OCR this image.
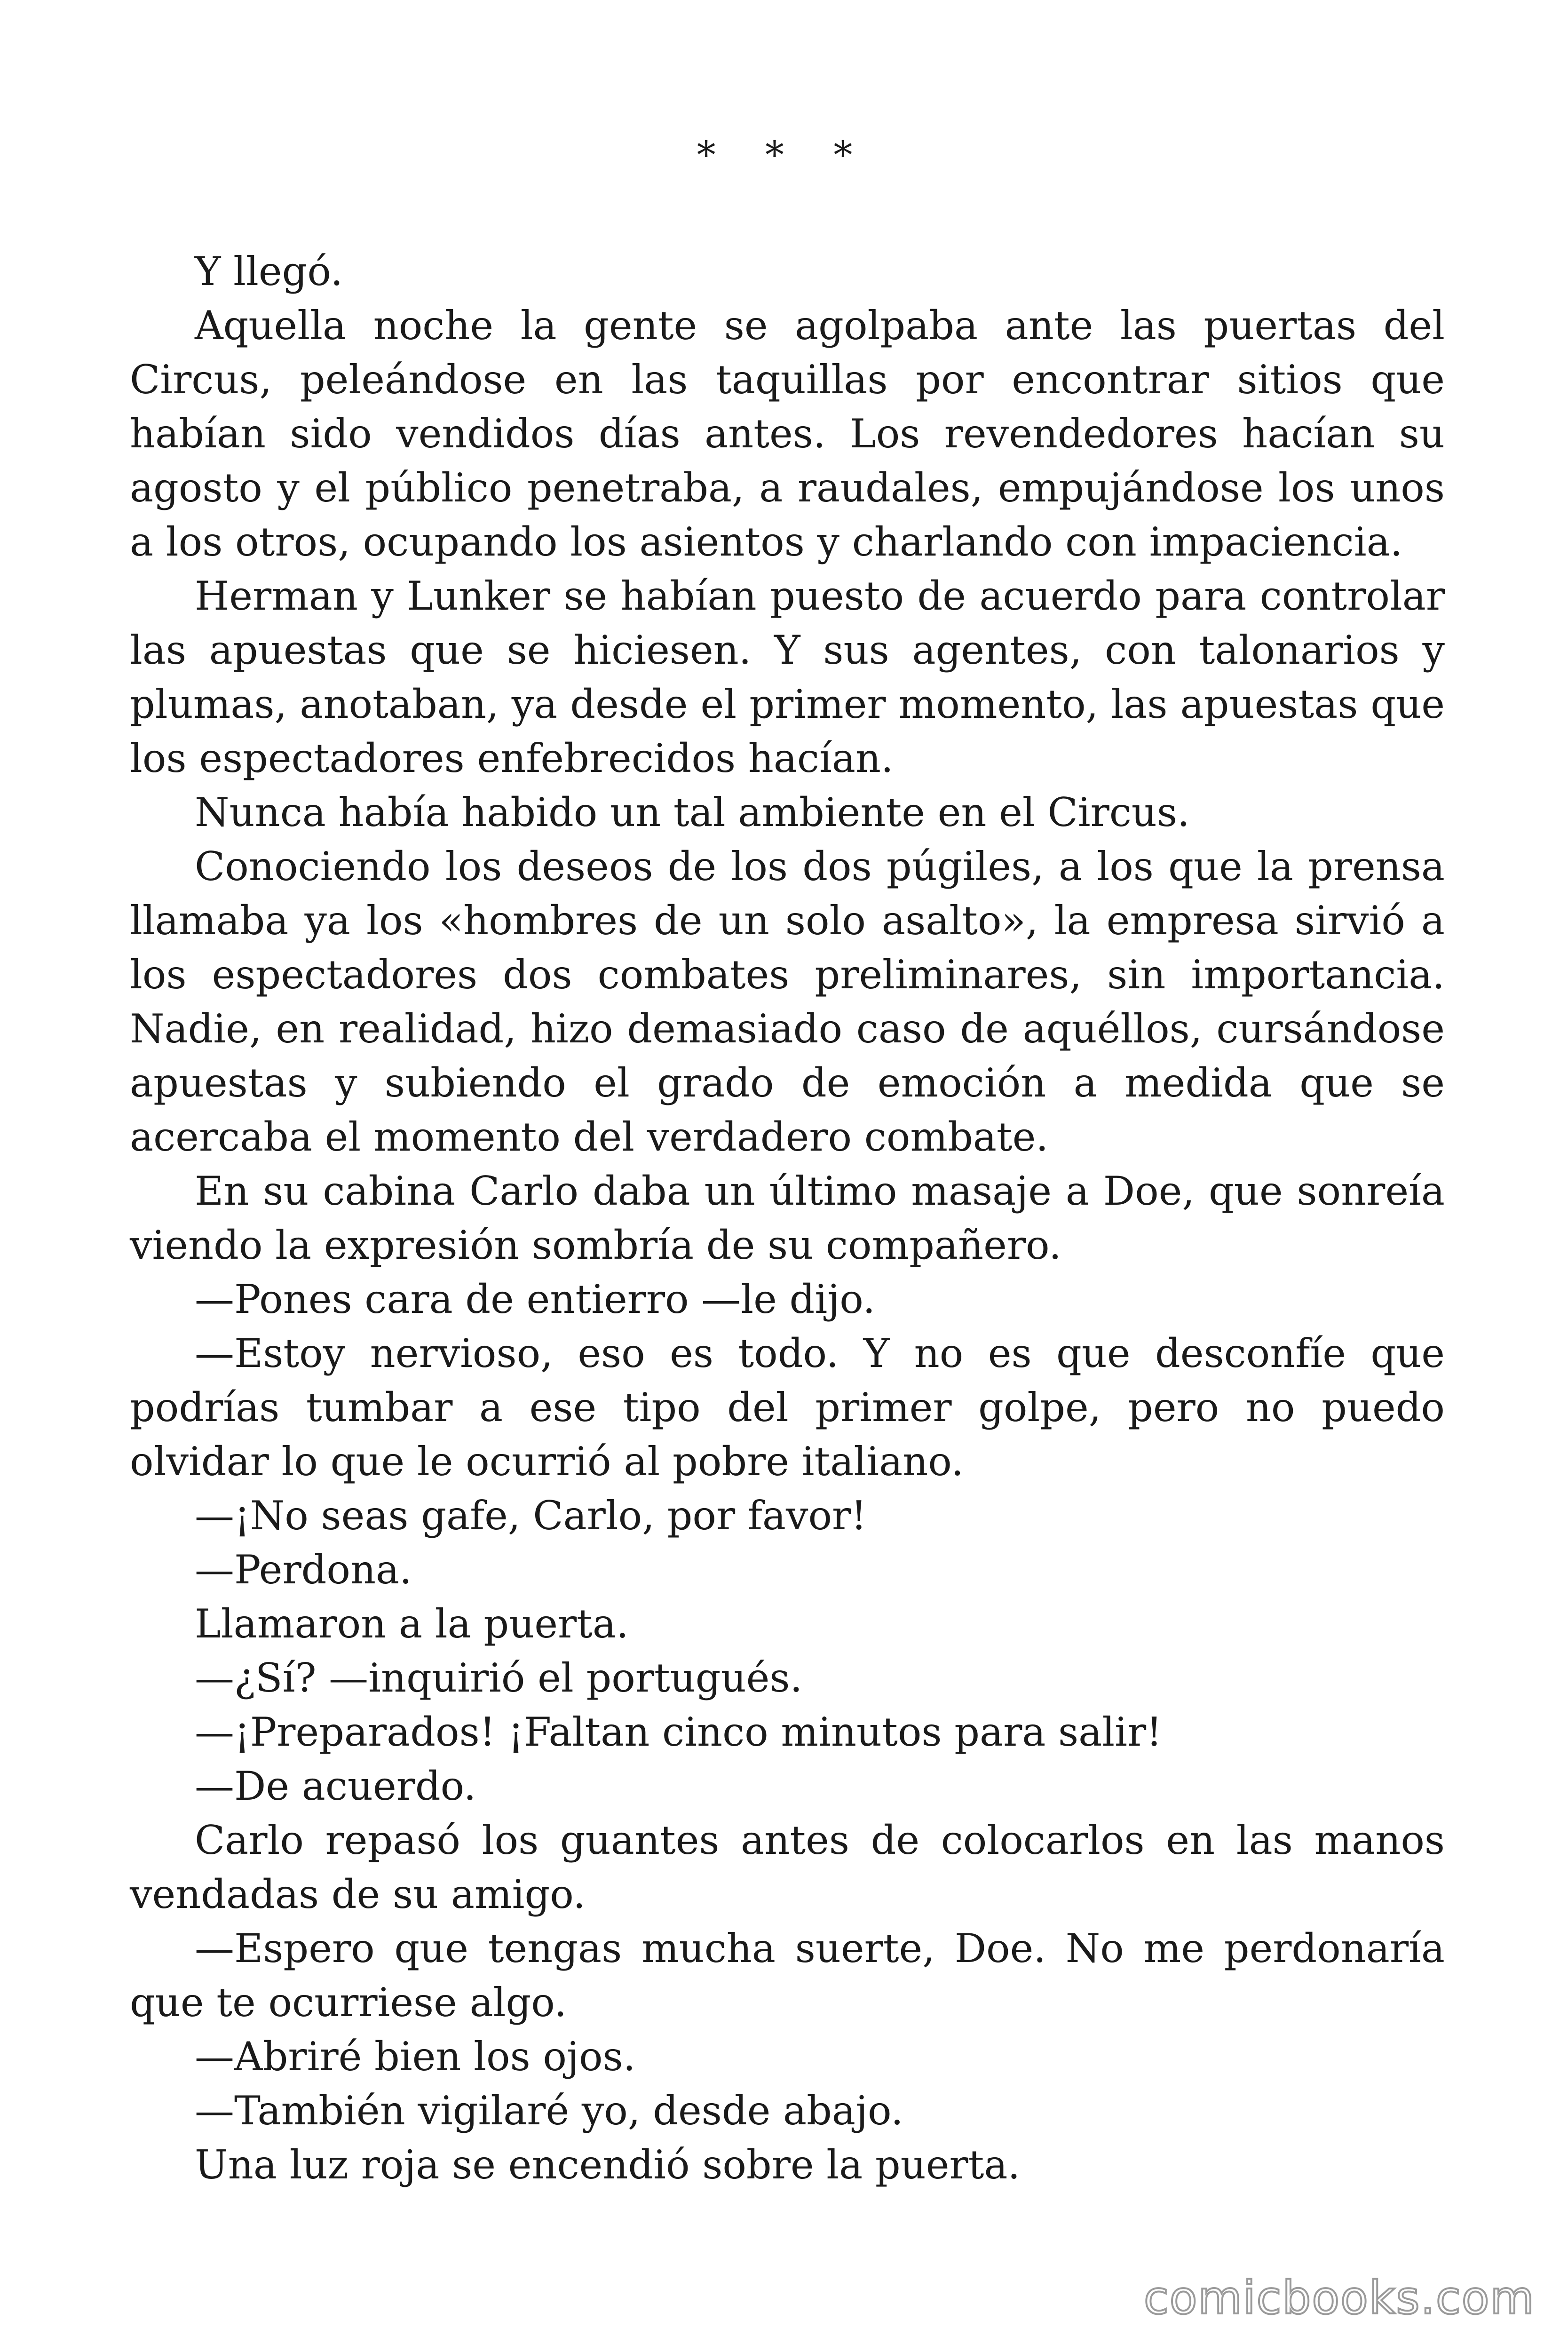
* * *

Y llegó.

Aquella noche la gente se agolpaba ante las puertas del Circus, peleándose en las taquillas por encontrar sitios que habían sido vendidos días antes. Los revendedores hacían su agosto y el público penetraba, a raudales, empujándose los unos a los otros, ocupando los asientos y charlando con impaciencia.

Herman y Lunker se habían puesto de acuerdo para controlar las apuestas que se hiciesen. Y sus agentes, con talonarios y plumas, anotaban, ya desde el primer momento, las apuestas que los espectadores enfebrecidos hacían.

Nunca había habido un tal ambiente en el Circus.

Conociendo los deseos de los dos púgiles, a los que la prensa llamaba ya los «hombres de un solo asalto», la empresa sirvió a los espectadores dos combates preliminares, sin importancia. Nadie, en realidad, hizo demasiado caso de aquéllos, cursándose apuestas y subiendo el grado de emoción a medida que se acercaba el momento del verdadero combate.

En su cabina Carlo daba un último masaje a Doe, que sonreía viendo la expresión sombría de su compañero.

—Pones cara de entierro —le dijo.

—Estoy nervioso, eso es todo. Y no es que desconfíe que podrías tumbar a ese tipo del primer golpe, pero no puedo olvidar lo que le ocurrió al pobre italiano.

—¡No seas gafe, Carlo, por favor!

—Perdona.

Llamaron a la puerta.

—¿Sí? —inquirió el portugués.

—¡Preparados! ¡Faltan cinco minutos para salir!

—De acuerdo.

Carlo repasó los guantes antes de colocarlos en las manos vendadas de su amigo.

—Espero que tengas mucha suerte, Doe. No me perdonaría que te ocurriese algo.

—Abriré bien los ojos.

—También vigilaré yo, desde abajo.

Una luz roja se encendió sobre la puerta.

comicbooks.com
